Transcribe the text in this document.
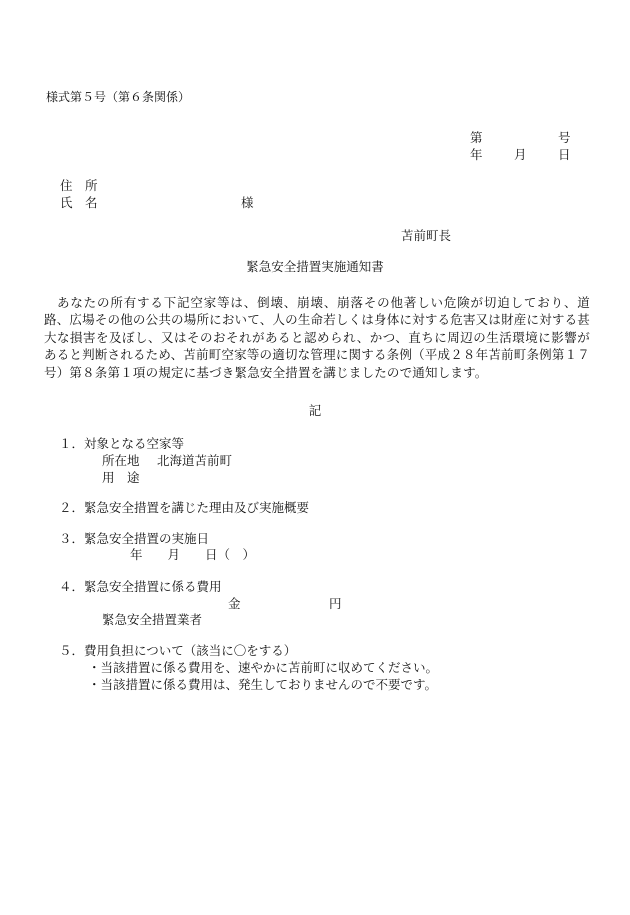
様式第５号（第６条関係）

第

	号

年

	月

	日

住　所
氏　名	様
苫前町長
緊急安全措置実施通知書
あなたの所有する下記空家等は、倒壊、崩壊、崩落その他著しい危険が切迫しており、道路、広場その他の公共の場所において、人の生命若しくは身体に対する危害又は財産に対する甚大な損害を及ぼし、又はそのおそれがあると認められ、かつ、直ちに周辺の生活環境に影響があると判断されるため、苫前町空家等の適切な管理に関する条例（平成２８年苫前町条例第１７号）第８条第１項の規定に基づき緊急安全措置を講じましたので通知します。
記
１．対象となる空家等
所在地 北海道苫前町
用　途
２．緊急安全措置を講じた理由及び実施概要
３．緊急安全措置の実施日
年　　月　　日（　）
４．緊急安全措置に係る費用
金	円
緊急安全措置業者
５．費用負担について（該当に〇をする）
・当該措置に係る費用を、速やかに苫前町に収めてください。
・当該措置に係る費用は、発生しておりませんので不要です。
